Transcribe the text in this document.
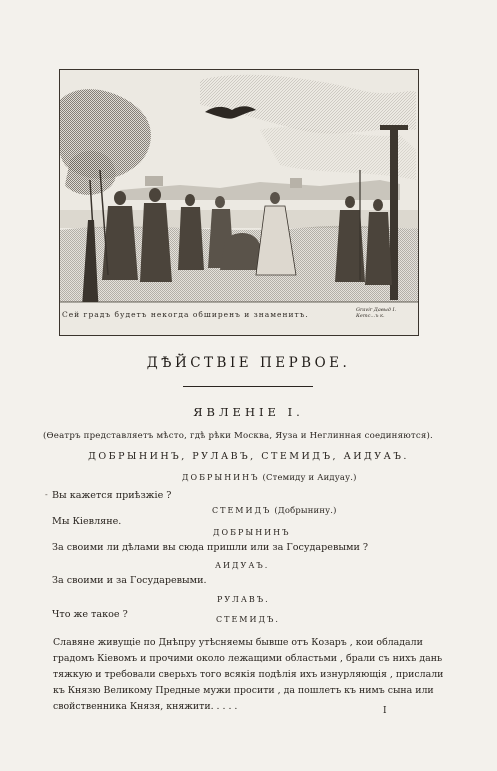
Сей градъ будетъ некогда обширенъ и знаменитъ.	Gravir Давыд I.
Кетс...ъ к.
ДѢЙСТВІЕ ПЕРВОЕ.
ЯВЛЕНІЕ I.
(Ѳеатръ представляетъ мѣсто, гдѣ рѣки Москва, Яуза и Неглинная соединяются).
ДОБРЫНИНЪ, РУЛАВЪ, СТЕМИДЪ, АИДУАЪ.
ДОБРЫНИНЪ (Стемиду и Аидуау.)
- Вы кажется приѣзжіе ?
СТЕМИДЪ (Добрынину.)
Мы Кіевляне.
ДОБРЫНИНЪ
За своими ли дѣлами вы сюда пришли или за Государевыми ?
АИДУАЪ.
За своими и за Государевыми.
РУЛАВЪ.
Что же такое ?	СТЕМИДЪ.

Славяне живущіе по Днѣпру утѣсняемы бывше отъ Козаръ , кои обладали

градомъ Кіевомъ и прочими около лежащими областьми , брали съ нихъ дань

тяжкую и требовали сверьхъ того всякія подѣлія ихъ изнурляющія , прислали

къ Князю Великому Предные мужи просити , да пошлетъ къ нимъ сына или

свойственника Князя, княжити. . . . .	I
